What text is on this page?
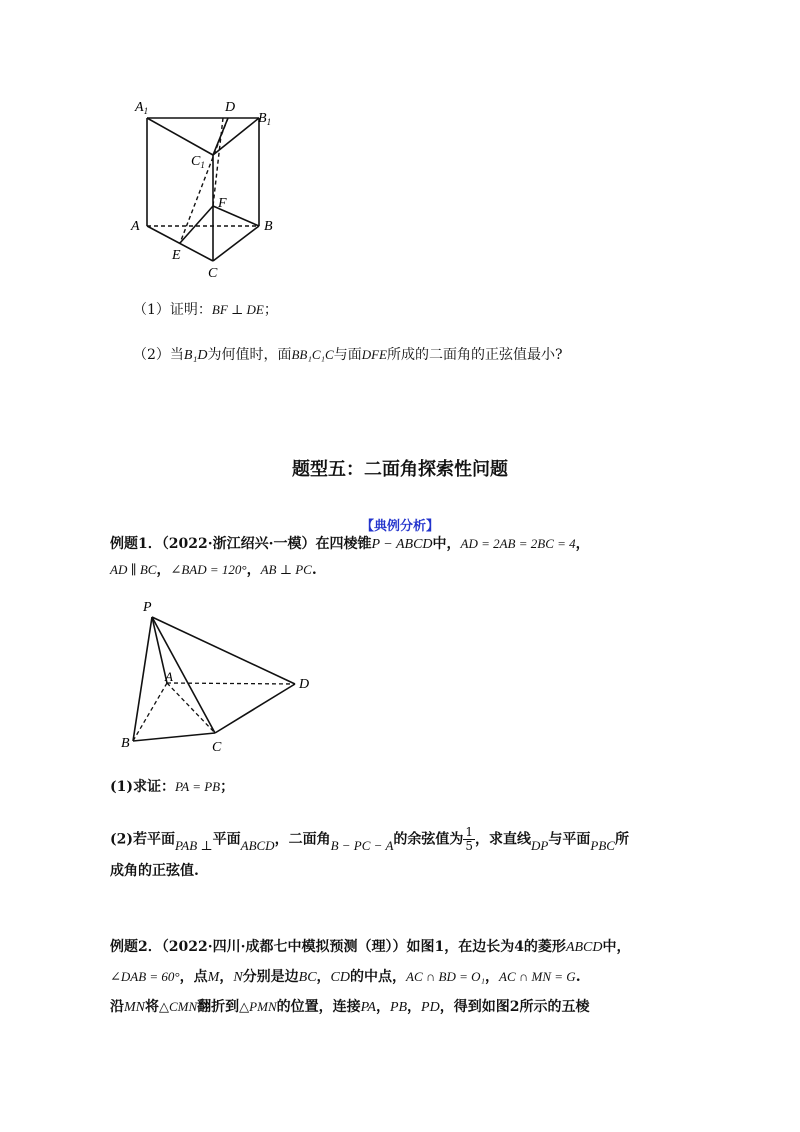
$A_1$	D
$B_1$
$C_1$
F
A	B
E
C
（1）证明：BF ⊥ DE；
（2）当B₁D为何值时，面BB₁C₁C与面DFE所成的二面角的正弦值最小?
题型五：二面角探索性问题
【典例分析】
例题1．（2022·浙江绍兴·一模）在四棱锥P − ABCD中，AD = 2AB = 2BC = 4，
AD ∥ BC，∠BAD = 120°，AB ⊥ PC.
P
A
D
B	C
(1)求证：PA = PB；
(2)若平面PAB ⊥平面ABCD，二面角B − PC − A的余弦值为 $\frac{1}{5}$ ，求直线DP与平面PBC所
成角的正弦值.
例题2．（2022·四川·成都七中模拟预测（理））如图1，在边长为4的菱形ABCD中，
∠DAB = 60°，点M，N分别是边BC，CD的中点，AC ∩ BD = O₁，AC ∩ MN = G.
沿MN将△CMN翻折到△PMN的位置，连接PA，PB，PD，得到如图2所示的五棱
